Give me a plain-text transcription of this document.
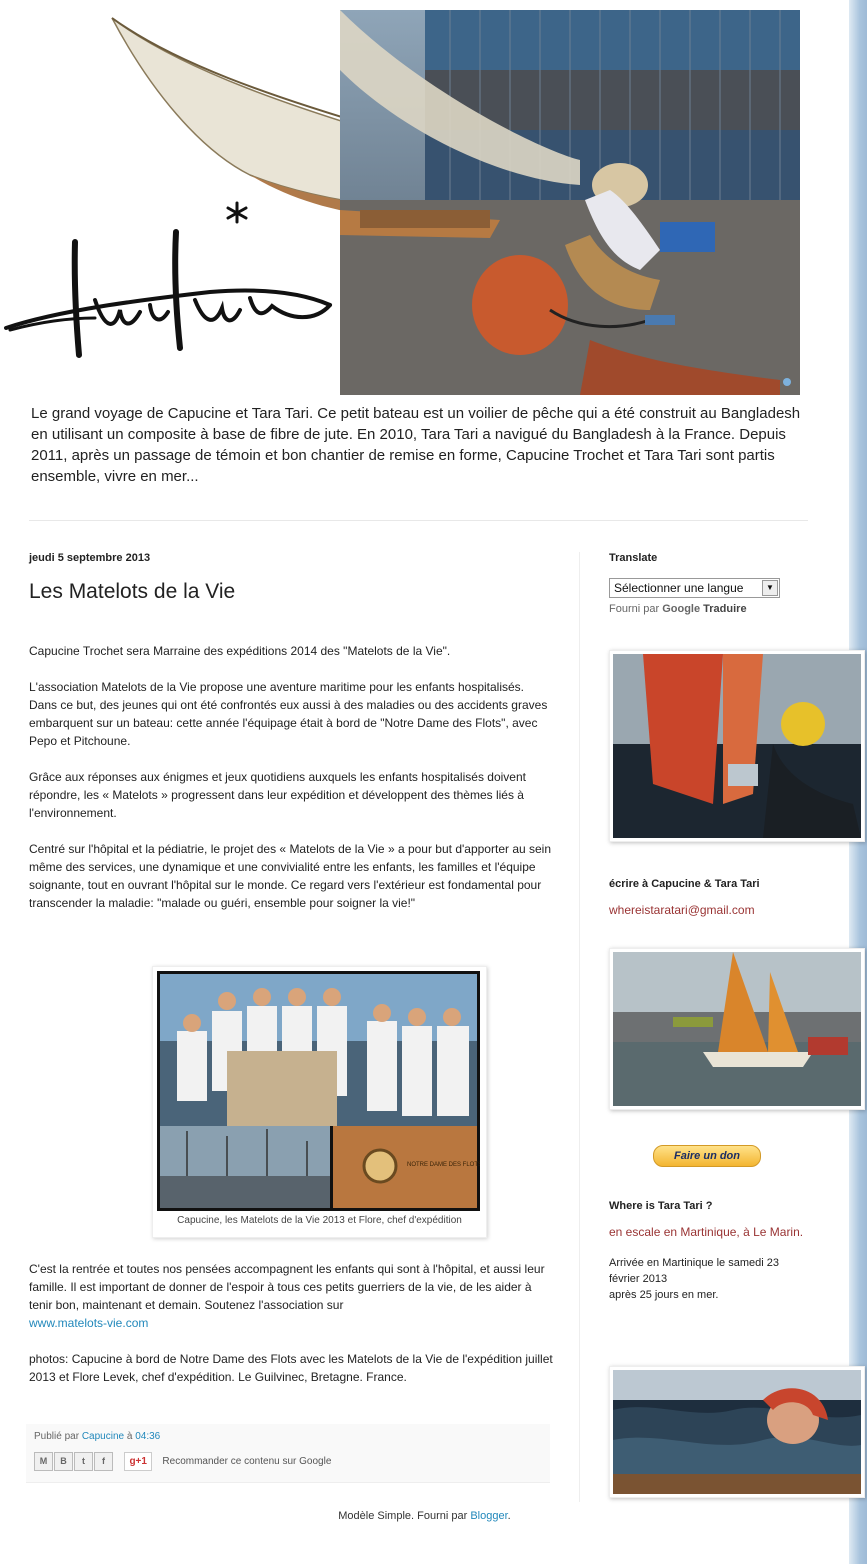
Le grand voyage de Capucine et Tara Tari. Ce petit bateau est un voilier de pêche qui a été construit au Bangladesh en utilisant un composite à base de fibre de jute. En 2010, Tara Tari a navigué du Bangladesh à la France. Depuis 2011, après un passage de témoin et bon chantier de remise en forme, Capucine Trochet et Tara Tari sont partis ensemble, vivre en mer...
jeudi 5 septembre 2013
Les Matelots de la Vie

Capucine Trochet sera Marraine des expéditions 2014 des "Matelots de la Vie".

L'association Matelots de la Vie propose une aventure maritime pour les enfants hospitalisés. Dans ce but, des jeunes qui ont été confrontés eux aussi à des maladies ou des accidents graves embarquent sur un bateau: cette année l'équipage était à bord de "Notre Dame des Flots", avec Pepo et Pitchoune.

Grâce aux réponses aux énigmes et jeux quotidiens auxquels les enfants hospitalisés doivent répondre, les « Matelots » progressent dans leur expédition et développent des thèmes liés à l'environnement.

Centré sur l'hôpital et la pédiatrie, le projet des « Matelots de la Vie » a pour but d'apporter au sein même des services, une dynamique et une convivialité entre les enfants, les familles et l'équipe soignante, tout en ouvrant l'hôpital sur le monde. Ce regard vers l'extérieur est fondamental pour transcender la maladie: "malade ou guéri, ensemble pour soigner la vie!"

NOTRE DAME DES FLOTS
Capucine, les Matelots de la Vie 2013 et Flore, chef d'expédition

C'est la rentrée et toutes nos pensées accompagnent les enfants qui sont à l'hôpital, et aussi leur famille. Il est important de donner de l'espoir à tous ces petits guerriers de la vie, de les aider à tenir bon, maintenant et demain. Soutenez l'association sur
www.matelots-vie.com

photos: Capucine à bord de Notre Dame des Flots avec les Matelots de la Vie de l'expédition juillet 2013 et Flore Levek, chef d'expédition. Le Guilvinec, Bretagne. France.

Publié par Capucine à 04:36
M B t f g+1 Recommander ce contenu sur Google
Translate
Sélectionner une langue	▼
Fourni par Google Traduire
écrire à Capucine & Tara Tari
whereistaratari@gmail.com
Faire un don
Where is Tara Tari ?
en escale en Martinique, à Le Marin.
Arrivée en Martinique le samedi 23
février 2013
après 25 jours en mer.
Modèle Simple. Fourni par Blogger.
